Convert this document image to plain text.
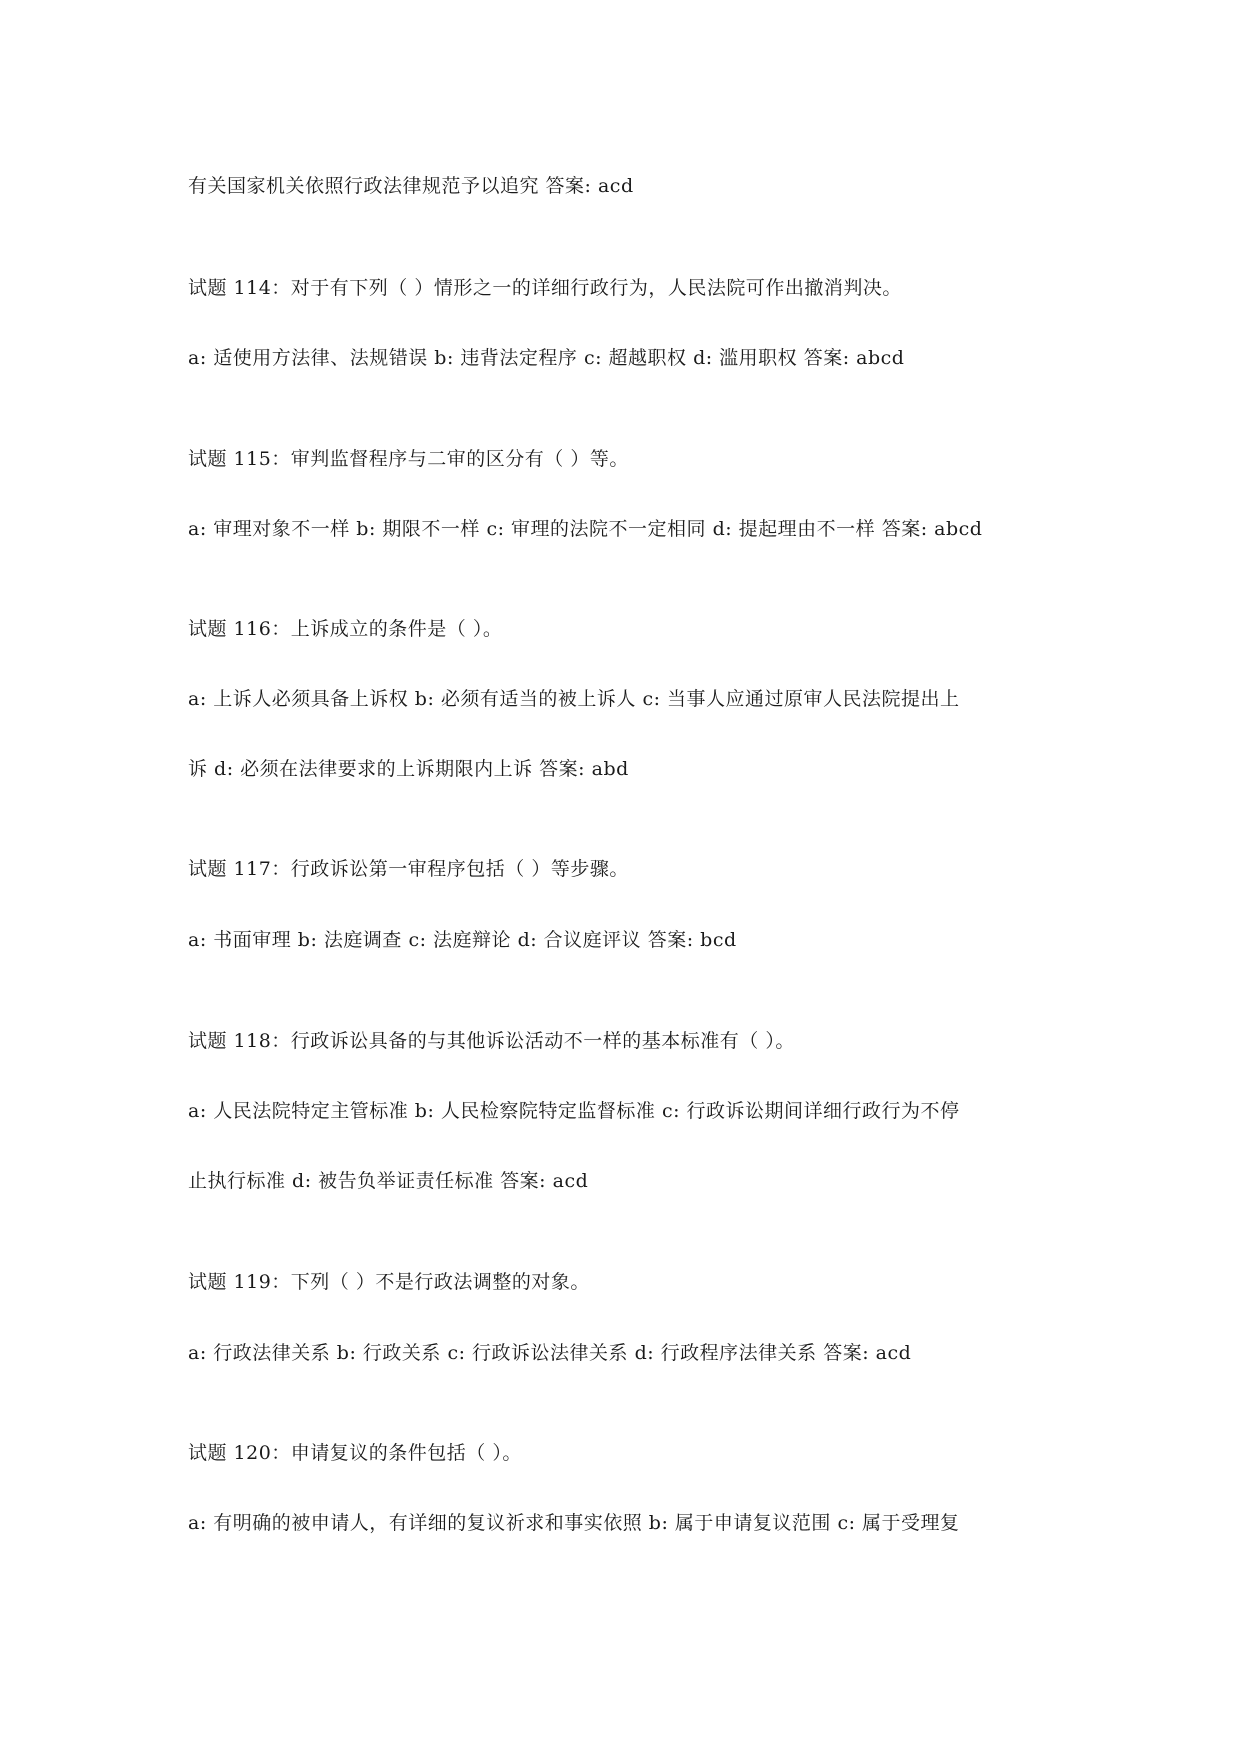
有关国家机关依照行政法律规范予以追究 答案: acd
试题 114：对于有下列（ ）情形之一的详细行政行为，人民法院可作出撤消判决。
a: 适使用方法律、法规错误 b: 违背法定程序 c: 超越职权 d: 滥用职权 答案: abcd
试题 115：审判监督程序与二审的区分有（ ）等。
a: 审理对象不一样 b: 期限不一样 c: 审理的法院不一定相同 d: 提起理由不一样 答案: abcd
试题 116：上诉成立的条件是（ ）。
a: 上诉人必须具备上诉权 b: 必须有适当的被上诉人 c: 当事人应通过原审人民法院提出上
诉 d: 必须在法律要求的上诉期限内上诉 答案: abd
试题 117：行政诉讼第一审程序包括（ ）等步骤。
a: 书面审理 b: 法庭调查 c: 法庭辩论 d: 合议庭评议 答案: bcd
试题 118：行政诉讼具备的与其他诉讼活动不一样的基本标准有（ ）。
a: 人民法院特定主管标准 b: 人民检察院特定监督标准 c: 行政诉讼期间详细行政行为不停
止执行标准 d: 被告负举证责任标准 答案: acd
试题 119：下列（ ）不是行政法调整的对象。
a: 行政法律关系 b: 行政关系 c: 行政诉讼法律关系 d: 行政程序法律关系 答案: acd
试题 120：申请复议的条件包括（ ）。
a: 有明确的被申请人，有详细的复议祈求和事实依照 b: 属于申请复议范围 c: 属于受理复
